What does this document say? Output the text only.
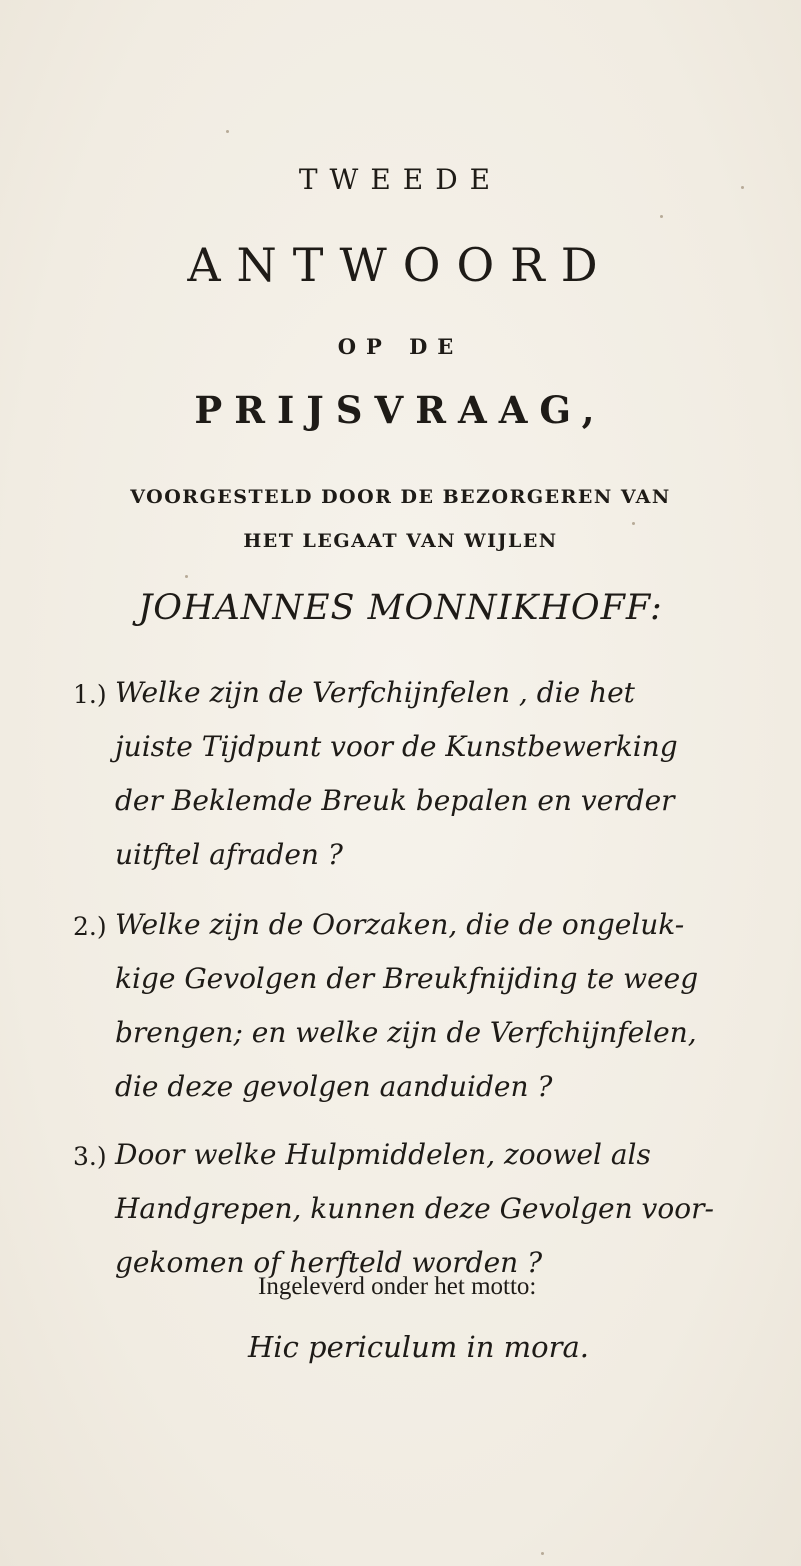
TWEEDE
ANTWOORD
OP DE
PRIJSVRAAG,
VOORGESTELD DOOR DE BEZORGEREN VAN
HET LEGAAT VAN WIJLEN
JOHANNES MONNIKHOFF:
1.) Welke zijn de Verfchijnfelen , die het
juiste Tijdpunt voor de Kunstbewerking
der Beklemde Breuk bepalen en verder
uitftel afraden ?
2.) Welke zijn de Oorzaken, die de ongeluk-
kige Gevolgen der Breukfnijding te weeg
brengen; en welke zijn de Verfchijnfelen,
die deze gevolgen aanduiden ?
3.) Door welke Hulpmiddelen, zoowel als
Handgrepen, kunnen deze Gevolgen voor-
gekomen of herfteld worden ?
Ingeleverd onder het motto:
Hic periculum in mora.
